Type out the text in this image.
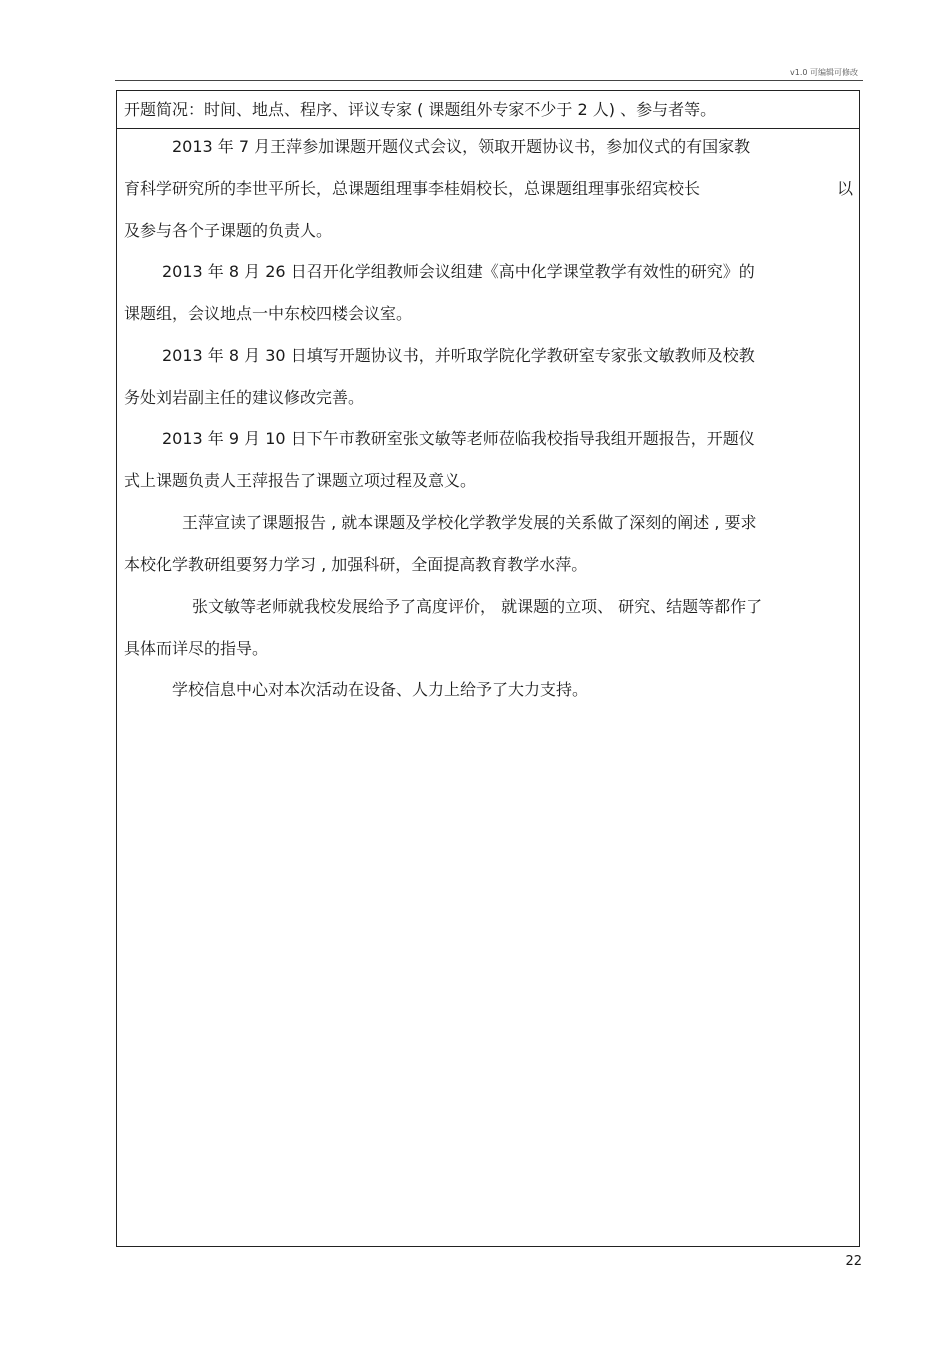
v1.0 可编辑可修改
开题简况：时间、地点、程序、评议专家 ( 课题组外专家不少于 2 人) 、参与者等。
2013 年 7 月王萍参加课题开题仪式会议，领取开题协议书，参加仪式的有国家教
育科学研究所的李世平所长，总课题组理事李桂娟校长，总课题组理事张绍宾校长	以
及参与各个子课题的负责人。
2013 年 8 月 26 日召开化学组教师会议组建《高中化学课堂教学有效性的研究》的
课题组，会议地点一中东校四楼会议室。
2013 年 8 月 30 日填写开题协议书，并听取学院化学教研室专家张文敏教师及校教
务处刘岩副主任的建议修改完善。
2013 年 9 月 10 日下午市教研室张文敏等老师莅临我校指导我组开题报告，开题仪
式上课题负责人王萍报告了课题立项过程及意义。
王萍宣读了课题报告 , 就本课题及学校化学教学发展的关系做了深刻的阐述 , 要求
本校化学教研组要努力学习 , 加强科研，全面提高教育教学水萍。
张文敏等老师就我校发展给予了高度评价， 就课题的立项、 研究、结题等都作了
具体而详尽的指导。
学校信息中心对本次活动在设备、人力上给予了大力支持。
22
